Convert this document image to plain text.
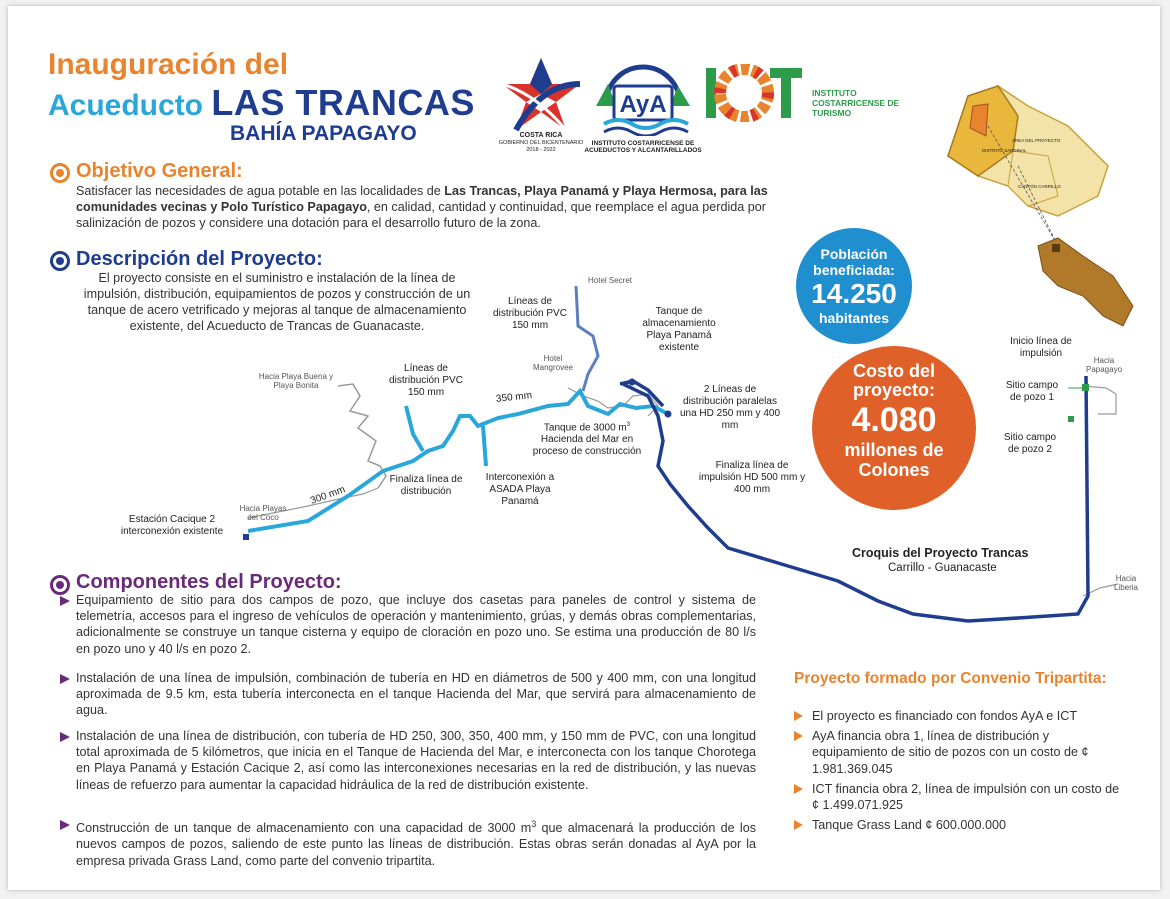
Inauguración del
Acueducto LAS TRANCAS
BAHÍA PAPAGAYO	COSTA RICA
GOBIERNO DEL BICENTENARIO
2018 - 2022
AyA
INSTITUTO COSTARRICENSE DE
ACUEDUCTOS Y ALCANTARILLADOS
INSTITUTO
COSTARRICENSE DE
TURISMO
ÁREA DEL PROYECTO
DISTRITO SARDINAL
CANTÓN CARRILLO
Objetivo General:
Satisfacer las necesidades de agua potable en las localidades de Las Trancas, Playa Panamá y Playa Hermosa, para las comunidades vecinas y Polo Turístico Papagayo, en calidad, cantidad y continuidad, que reemplace el agua perdida por salinización de pozos y considere una dotación para el desarrollo futuro de la zona.
Descripción del Proyecto:
El proyecto consiste en el suministro e instalación de la línea de impulsión, distribución, equipamientos de pozos y construcción de un tanque de acero vetrificado y mejoras al tanque de almacenamiento existente, del Acueducto de Trancas de Guanacaste.
Población beneficiada:
14.250
habitantes
Costo del proyecto:
4.080
millones de Colones
Hotel Secret
Líneas de distribución PVC 150 mm
Tanque de almacenamiento Playa Panamá existente
Hotel Mangrovee
Hacia Playa Buena y Playa Bonita
Líneas de distribución PVC 150 mm	350 mm
2 Líneas de distribución paralelas una HD 250 mm y 400 mm
Tanque de 3000 $m^3$ Hacienda del Mar en proceso de construcción
Finaliza línea de distribución
Interconexión a ASADA Playa Panamá
Finaliza línea de impulsión HD 500 mm y 400 mm
300 mm
Hacia Playas del Coco
Estación Cacique 2 interconexión existente
Inicio línea de impulsión
Hacia Papagayo
Sitio campo de pozo 1
Sitio campo de pozo 2
Croquis del Proyecto Trancas
Carrillo - Guanacaste
Hacia Liberia
Componentes del Proyecto:
Equipamiento de sitio para dos campos de pozo, que incluye dos casetas para paneles de control y sistema de telemetría, accesos para el ingreso de vehículos de operación y mantenimiento, grúas, y demás obras complementarias, adicionalmente se construye un tanque cisterna y equipo de cloración en pozo uno. Se estima una producción de 80 l/s en pozo uno y 40 l/s en pozo 2.
Instalación de una línea de impulsión, combinación de tubería en HD en diámetros de 500 y 400 mm, con una longitud aproximada de 9.5 km, esta tubería interconecta en el tanque Hacienda del Mar, que servirá para almacenamiento de agua.
Instalación de una línea de distribución, con tubería de HD 250, 300, 350, 400 mm, y 150 mm de PVC, con una longitud total aproximada de 5 kilómetros, que inicia en el Tanque de Hacienda del Mar, e interconecta con los tanque Chorotega en Playa Panamá y Estación Cacique 2, así como las interconexiones necesarias en la red de distribución, y las nuevas líneas de refuerzo para aumentar la capacidad hidráulica de la red de distribución existente.
Construcción de un tanque de almacenamiento con una capacidad de 3000 $m^3$ que almacenará la producción de los nuevos campos de pozos, saliendo de este punto las líneas de distribución. Estas obras serán donadas al AyA por la empresa privada Grass Land, como parte del convenio tripartita.
Proyecto formado por Convenio Tripartita:
El proyecto es financiado con fondos AyA e ICT
AyA financia obra 1, línea de distribución y equipamiento de sitio de pozos con un costo de ¢ 1.981.369.045
ICT financia obra 2, línea de impulsión con un costo de ¢ 1.499.071.925
Tanque Grass Land ¢ 600.000.000
